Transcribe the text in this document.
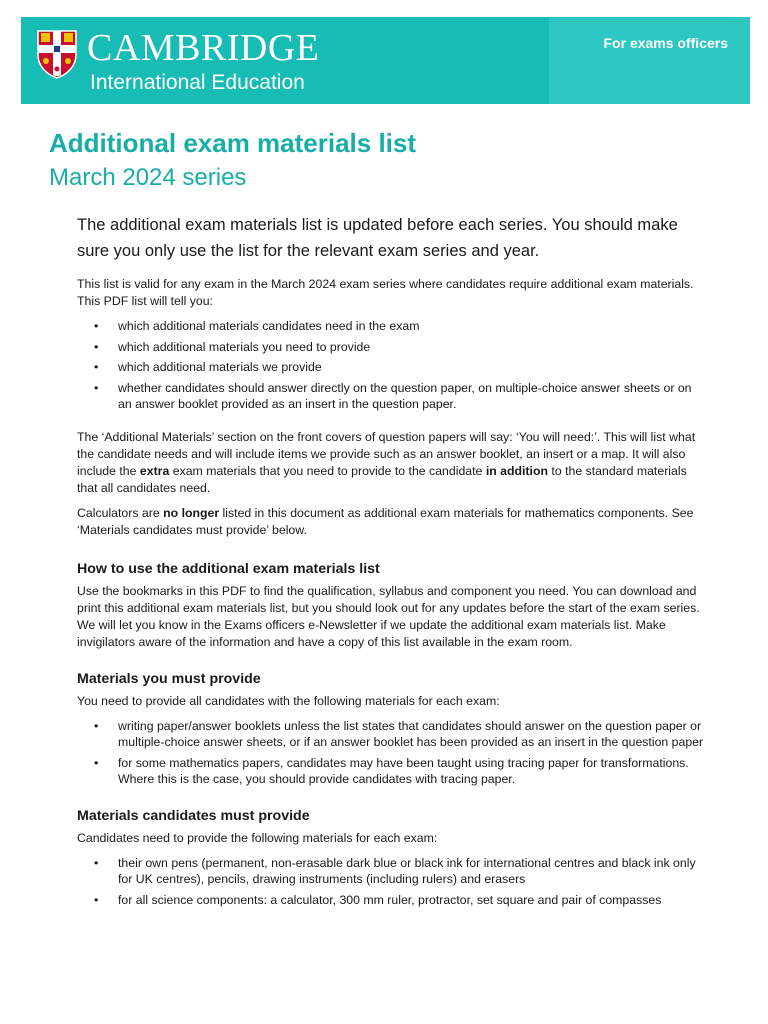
CAMBRIDGE
International Education
For exams officers
Additional exam materials list
March 2024 series

The additional exam materials list is updated before each series. You should make sure you only use the list for the relevant exam series and year.

This list is valid for any exam in the March 2024 exam series where candidates require additional exam materials. This PDF list will tell you:

• which additional materials candidates need in the exam
• which additional materials you need to provide
• which additional materials we provide
• whether candidates should answer directly on the question paper, on multiple-choice answer sheets or on an answer booklet provided as an insert in the question paper.

The ‘Additional Materials’ section on the front covers of question papers will say: ‘You will need:’. This will list what the candidate needs and will include items we provide such as an answer booklet, an insert or a map. It will also include the extra exam materials that you need to provide to the candidate in addition to the standard materials that all candidates need.

Calculators are no longer listed in this document as additional exam materials for mathematics components. See ‘Materials candidates must provide’ below.

How to use the additional exam materials list

Use the bookmarks in this PDF to find the qualification, syllabus and component you need. You can download and print this additional exam materials list, but you should look out for any updates before the start of the exam series. We will let you know in the Exams officers e-Newsletter if we update the additional exam materials list. Make invigilators aware of the information and have a copy of this list available in the exam room.

Materials you must provide

You need to provide all candidates with the following materials for each exam:

• writing paper/answer booklets unless the list states that candidates should answer on the question paper or multiple-choice answer sheets, or if an answer booklet has been provided as an insert in the question paper
• for some mathematics papers, candidates may have been taught using tracing paper for transformations. Where this is the case, you should provide candidates with tracing paper.
Materials candidates must provide

Candidates need to provide the following materials for each exam:

• their own pens (permanent, non-erasable dark blue or black ink for international centres and black ink only for UK centres), pencils, drawing instruments (including rulers) and erasers
• for all science components: a calculator, 300 mm ruler, protractor, set square and pair of compasses
